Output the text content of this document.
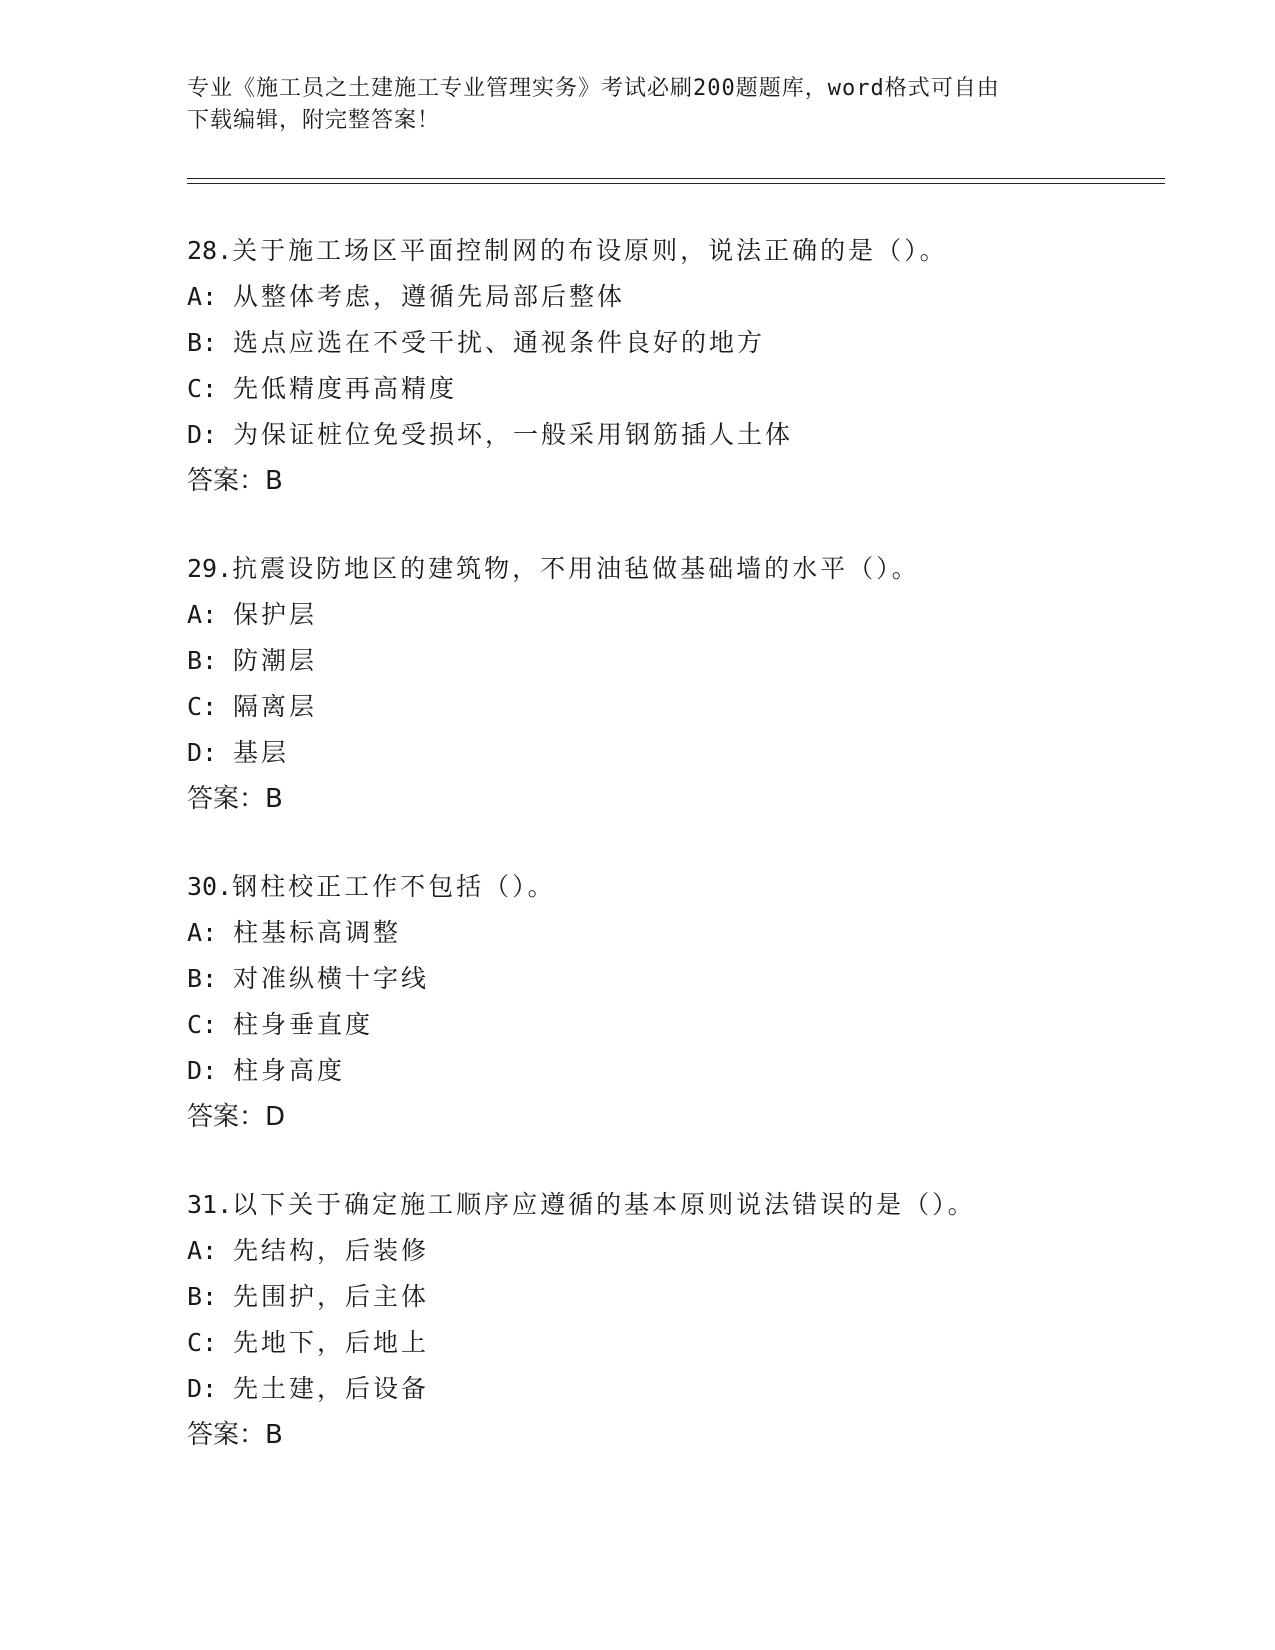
专业《施工员之土建施工专业管理实务》考试必刷200题题库，word格式可自由
下载编辑，附完整答案！
28.关于施工场区平面控制网的布设原则，说法正确的是（）。
A: 从整体考虑，遵循先局部后整体
B: 选点应选在不受干扰、通视条件良好的地方
C: 先低精度再高精度
D: 为保证桩位免受损坏，一般采用钢筋插人土体
答案：B
29.抗震设防地区的建筑物，不用油毡做基础墙的水平（）。
A: 保护层
B: 防潮层
C: 隔离层
D: 基层
答案：B
30.钢柱校正工作不包括（）。
A: 柱基标高调整
B: 对准纵横十字线
C: 柱身垂直度
D: 柱身高度
答案：D
31.以下关于确定施工顺序应遵循的基本原则说法错误的是（）。
A: 先结构，后装修
B: 先围护，后主体
C: 先地下，后地上
D: 先土建，后设备
答案：B
